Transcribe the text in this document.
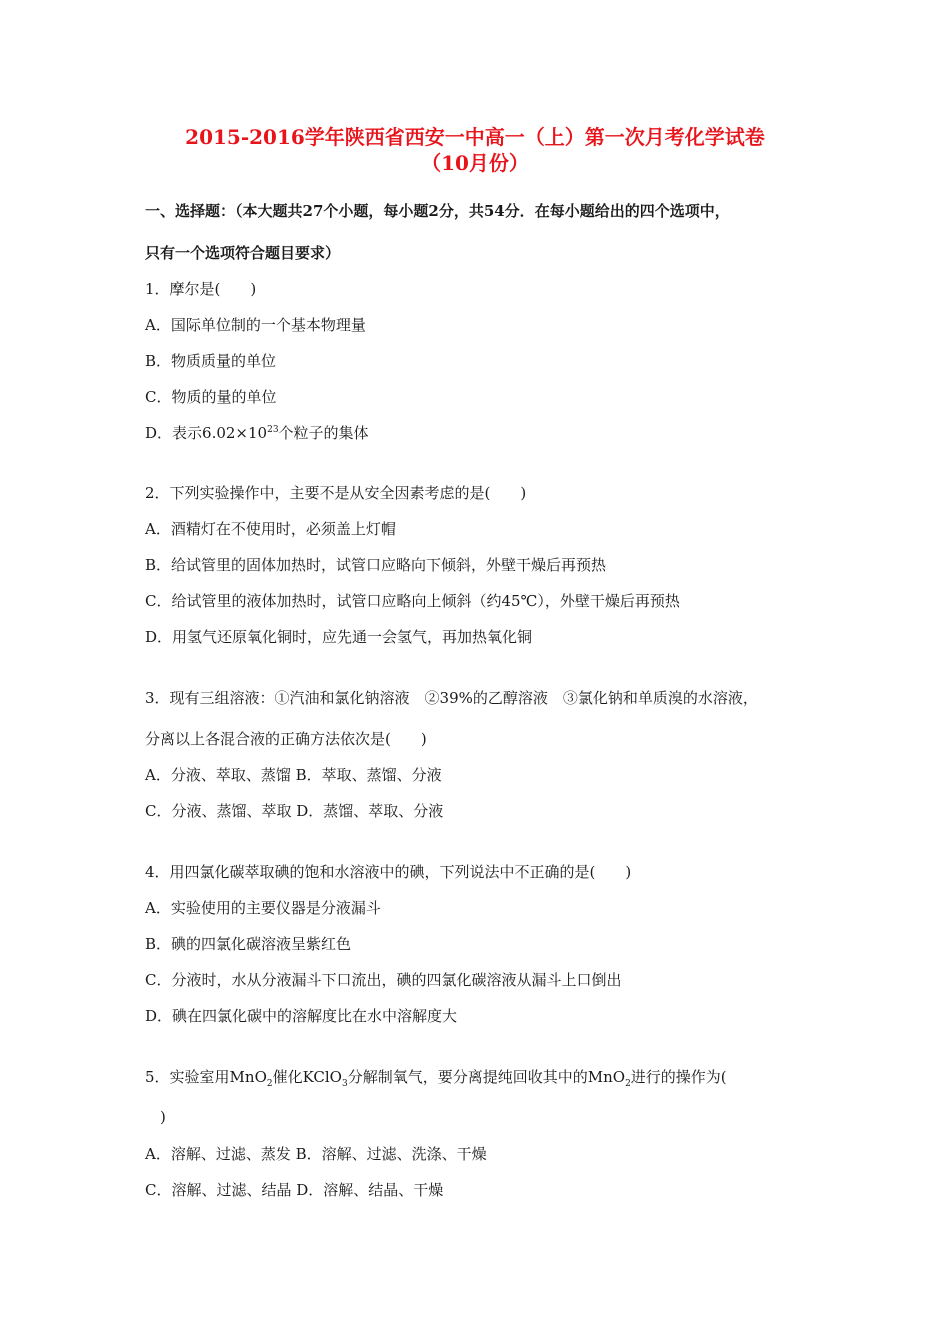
2015-2016学年陕西省西安一中高一（上）第一次月考化学试卷
（10月份）
一、选择题：（本大题共27个小题，每小题2分，共54分．在每小题给出的四个选项中，
只有一个选项符合题目要求）
1．摩尔是(　　)
A．国际单位制的一个基本物理量
B．物质质量的单位
C．物质的量的单位
D．表示$6.02\times 10^{23}$个粒子的集体
2．下列实验操作中，主要不是从安全因素考虑的是(　　)
A．酒精灯在不使用时，必须盖上灯帽
B．给试管里的固体加热时，试管口应略向下倾斜，外壁干燥后再预热
C．给试管里的液体加热时，试管口应略向上倾斜（约45℃），外壁干燥后再预热
D．用氢气还原氧化铜时，应先通一会氢气，再加热氧化铜
3．现有三组溶液：①汽油和氯化钠溶液　②39%的乙醇溶液　③氯化钠和单质溴的水溶液，
分离以上各混合液的正确方法依次是(　　)
A．分液、萃取、蒸馏 B．萃取、蒸馏、分液
C．分液、蒸馏、萃取 D．蒸馏、萃取、分液
4．用四氯化碳萃取碘的饱和水溶液中的碘，下列说法中不正确的是(　　)
A．实验使用的主要仪器是分液漏斗
B．碘的四氯化碳溶液呈紫红色
C．分液时，水从分液漏斗下口流出，碘的四氯化碳溶液从漏斗上口倒出
D．碘在四氯化碳中的溶解度比在水中溶解度大
5．实验室用MnO$_2$催化KClO$_3$分解制氧气，要分离提纯回收其中的MnO$_2$进行的操作为(
　)
A．溶解、过滤、蒸发 B．溶解、过滤、洗涤、干燥
C．溶解、过滤、结晶 D．溶解、结晶、干燥
